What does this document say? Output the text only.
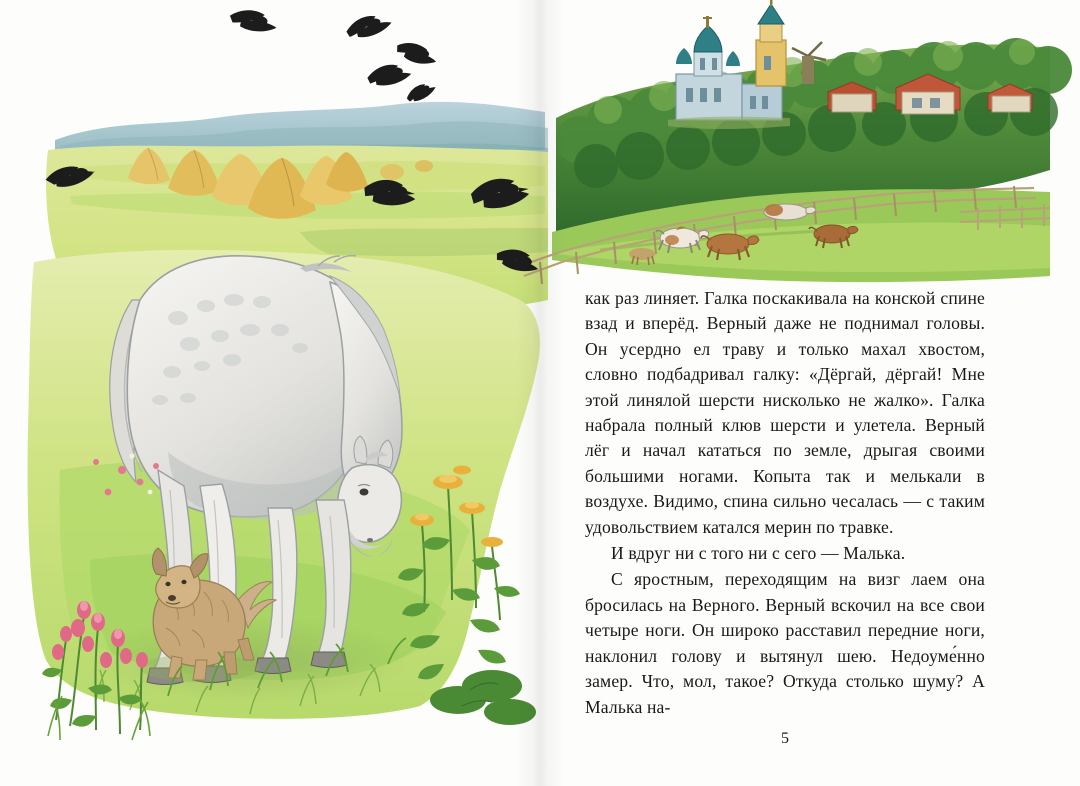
как раз линяет. Галка поскакивала на конской спине взад и вперёд. Верный даже не поднимал головы. Он усердно ел траву и только махал хвостом, словно подбадривал галку: «Дёргай, дёргай! Мне этой линялой шерсти нисколько не жалко». Галка набрала полный клюв шерсти и улетела. Верный лёг и начал кататься по земле, дрыгая своими большими ногами. Копыта так и мелькали в воздухе. Видимо, спина сильно чесалась — с таким удовольствием катался мерин по травке.

И вдруг ни с того ни с сего — Малька.

С яростным, переходящим на визг лаем она бросилась на Верного. Верный вскочил на все свои четыре ноги. Он широко расставил передние ноги, наклонил голову и вытянул шею. Недоуме́нно замер. Что, мол, такое? Откуда столько шуму? А Малька на-

5
